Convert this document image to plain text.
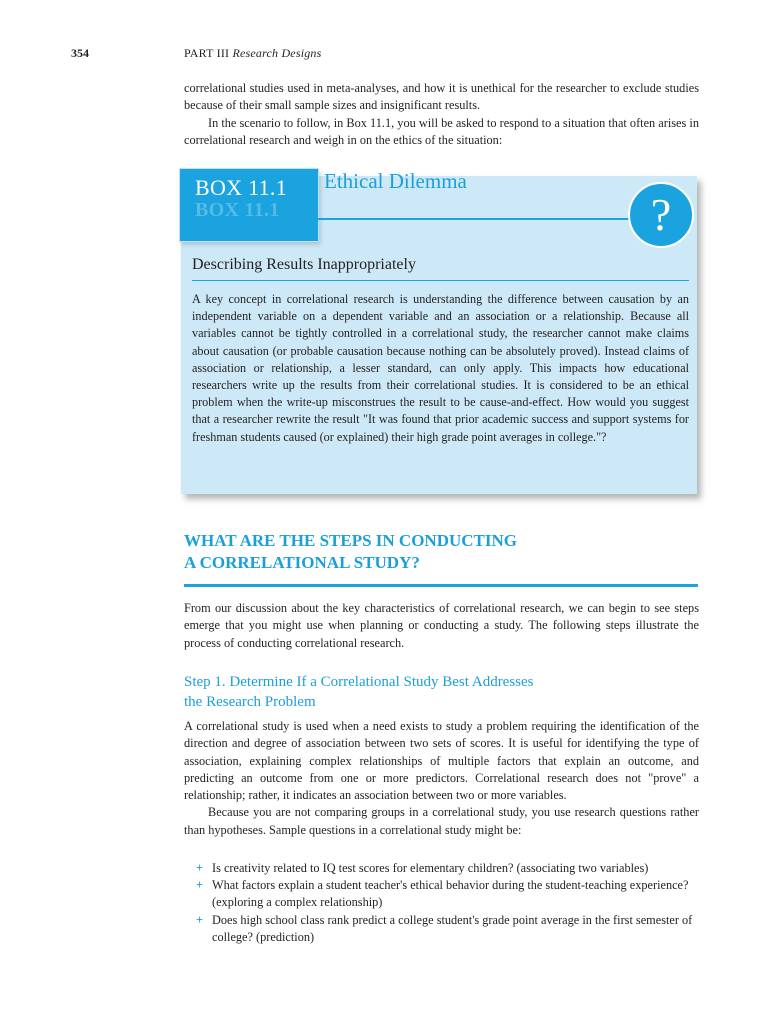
354	PART III Research Designs

correlational studies used in meta-analyses, and how it is unethical for the researcher to exclude studies because of their small sample sizes and insignificant results.

In the scenario to follow, in Box 11.1, you will be asked to respond to a situation that often arises in correlational research and weigh in on the ethics of the situation:

BOX 11.1
BOX 11.1 Ethical Dilemma
?
Describing Results Inappropriately
A key concept in correlational research is understanding the difference between causation by an independent variable on a dependent variable and an association or a relationship. Because all variables cannot be tightly controlled in a correlational study, the researcher cannot make claims about causation (or probable causation because nothing can be absolutely proved). Instead claims of association or relationship, a lesser standard, can only apply. This impacts how educational researchers write up the results from their correlational studies. It is considered to be an ethical problem when the write-up misconstrues the result to be cause-and-effect. How would you suggest that a researcher rewrite the result "It was found that prior academic success and support systems for freshman students caused (or explained) their high grade point averages in college."?
WHAT ARE THE STEPS IN CONDUCTING
A CORRELATIONAL STUDY?

From our discussion about the key characteristics of correlational research, we can begin to see steps emerge that you might use when planning or conducting a study. The following steps illustrate the process of conducting correlational research.

Step 1. Determine If a Correlational Study Best Addresses
the Research Problem

A correlational study is used when a need exists to study a problem requiring the identification of the direction and degree of association between two sets of scores. It is useful for identifying the type of association, explaining complex relationships of multiple factors that explain an outcome, and predicting an outcome from one or more predictors. Correlational research does not "prove" a relationship; rather, it indicates an association between two or more variables.

Because you are not comparing groups in a correlational study, you use research questions rather than hypotheses. Sample questions in a correlational study might be:

+ Is creativity related to IQ test scores for elementary children? (associating two variables)
+ What factors explain a student teacher's ethical behavior during the student-teaching experience? (exploring a complex relationship)
+ Does high school class rank predict a college student's grade point average in the first semester of college? (prediction)
